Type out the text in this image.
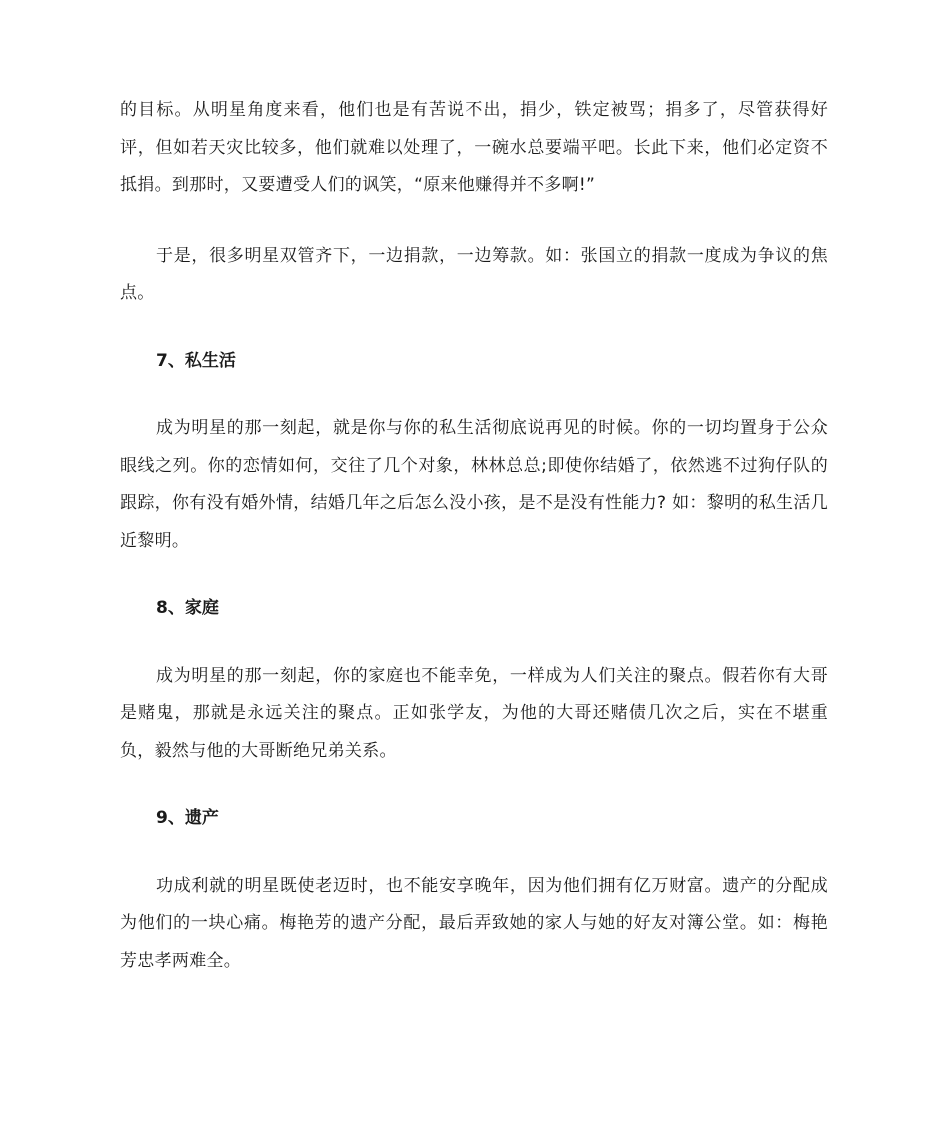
的目标。从明星角度来看，他们也是有苦说不出，捐少，铁定被骂；捐多了，尽管获得好评，但如若天灾比较多，他们就难以处理了，一碗水总要端平吧。长此下来，他们必定资不抵捐。到那时，又要遭受人们的讽笑，“原来他赚得并不多啊!”

于是，很多明星双管齐下，一边捐款，一边筹款。如：张国立的捐款一度成为争议的焦点。

7、私生活

成为明星的那一刻起，就是你与你的私生活彻底说再见的时候。你的一切均置身于公众眼线之列。你的恋情如何，交往了几个对象，林林总总;即使你结婚了，依然逃不过狗仔队的跟踪，你有没有婚外情，结婚几年之后怎么没小孩，是不是没有性能力? 如：黎明的私生活几近黎明。

8、家庭

成为明星的那一刻起，你的家庭也不能幸免，一样成为人们关注的聚点。假若你有大哥是赌鬼，那就是永远关注的聚点。正如张学友，为他的大哥还赌债几次之后，实在不堪重负，毅然与他的大哥断绝兄弟关系。

9、遗产

功成利就的明星既使老迈时，也不能安享晚年，因为他们拥有亿万财富。遗产的分配成为他们的一块心痛。梅艳芳的遗产分配，最后弄致她的家人与她的好友对簿公堂。如：梅艳芳忠孝两难全。
